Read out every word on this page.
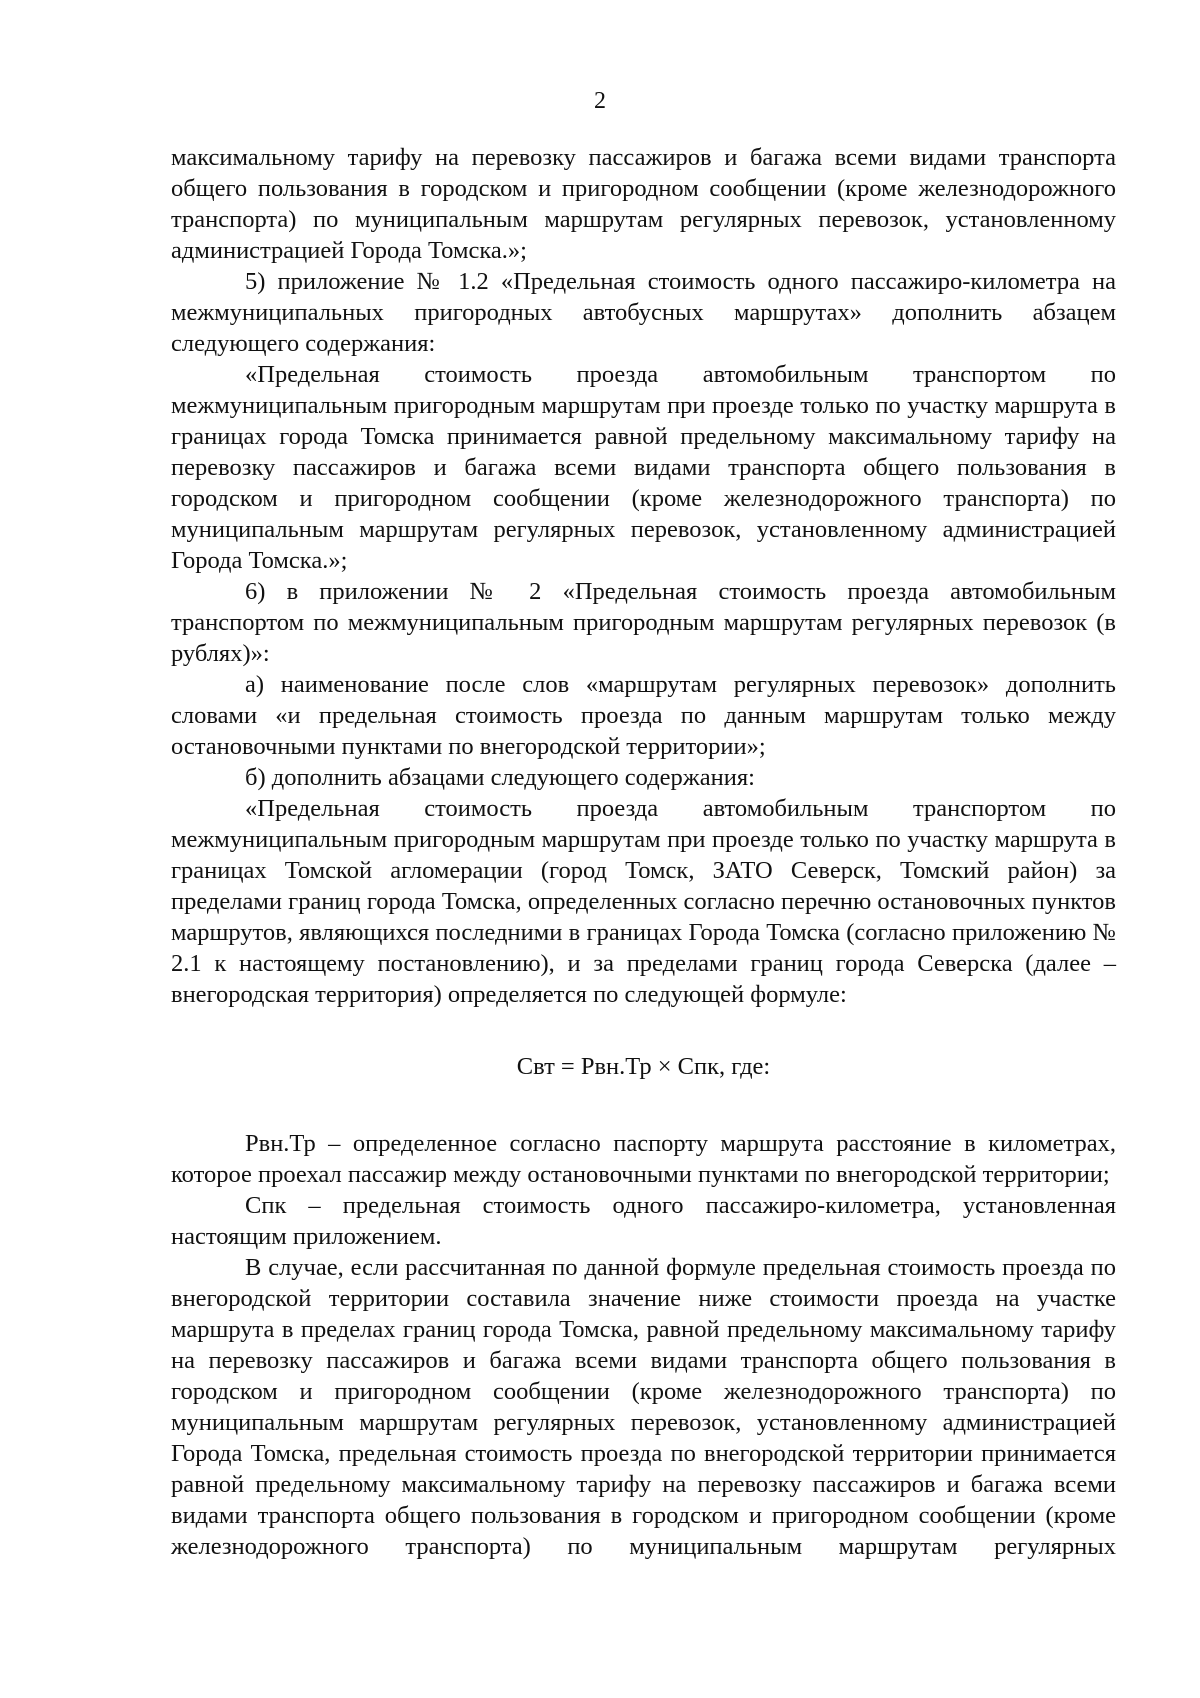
2

максимальному тарифу на перевозку пассажиров и багажа всеми видами транспорта общего пользования в городском и пригородном сообщении (кроме железнодорожного транспорта) по муниципальным маршрутам регулярных перевозок, установленному администрацией Города Томска.»;

5) приложение № 1.2 «Предельная стоимость одного пассажиро-километра на межмуниципальных пригородных автобусных маршрутах» дополнить абзацем следующего содержания:

«Предельная стоимость проезда автомобильным транспортом по межмуниципальным пригородным маршрутам при проезде только по участку маршрута в границах города Томска принимается равной предельному максимальному тарифу на перевозку пассажиров и багажа всеми видами транспорта общего пользования в городском и пригородном сообщении (кроме железнодорожного транспорта) по муниципальным маршрутам регулярных перевозок, установленному администрацией Города Томска.»;

6) в приложении № 2 «Предельная стоимость проезда автомобильным транспортом по межмуниципальным пригородным маршрутам регулярных перевозок (в рублях)»:

а) наименование после слов «маршрутам регулярных перевозок» дополнить словами «и предельная стоимость проезда по данным маршрутам только между остановочными пунктами по внегородской территории»;

б) дополнить абзацами следующего содержания:

«Предельная стоимость проезда автомобильным транспортом по межмуниципальным пригородным маршрутам при проезде только по участку маршрута в границах Томской агломерации (город Томск, ЗАТО Северск, Томский район) за пределами границ города Томска, определенных согласно перечню остановочных пунктов маршрутов, являющихся последними в границах Города Томска (согласно приложению № 2.1 к настоящему постановлению), и за пределами границ города Северска (далее – внегородская территория) определяется по следующей формуле:

Свт = Рвн.Тр × Спк, где:

Рвн.Тр – определенное согласно паспорту маршрута расстояние в километрах, которое проехал пассажир между остановочными пунктами по внегородской территории;

Спк – предельная стоимость одного пассажиро-километра, установленная настоящим приложением.

В случае, если рассчитанная по данной формуле предельная стоимость проезда по внегородской территории составила значение ниже стоимости проезда на участке маршрута в пределах границ города Томска, равной предельному максимальному тарифу на перевозку пассажиров и багажа всеми видами транспорта общего пользования в городском и пригородном сообщении (кроме железнодорожного транспорта) по муниципальным маршрутам регулярных перевозок, установленному администрацией Города Томска, предельная стоимость проезда по внегородской территории принимается равной предельному максимальному тарифу на перевозку пассажиров и багажа всеми видами транспорта общего пользования в городском и пригородном сообщении (кроме железнодорожного транспорта) по муниципальным маршрутам регулярных
